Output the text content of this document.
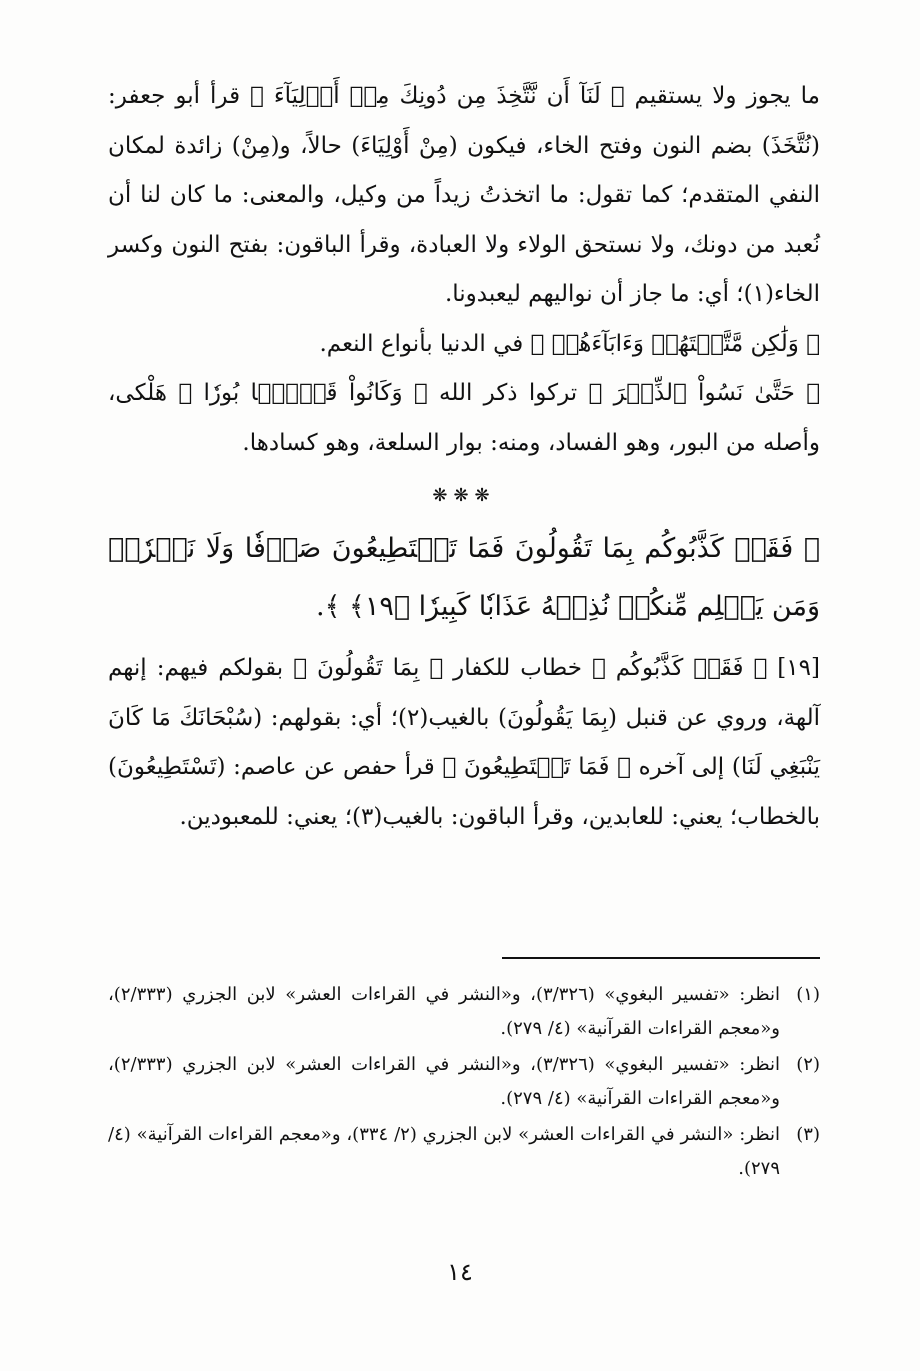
ما يجوز ولا يستقيم ﴿ لَنَآ أَن نَّتَّخِذَ مِن دُونِكَ مِنۡ أَوۡلِيَآءَ ﴾ قرأ أبو جعفر: (نُتَّخَذَ) بضم النون وفتح الخاء، فيكون (مِنْ أَوْلِيَاءَ) حالاً، و(مِنْ) زائدة لمكان النفي المتقدم؛ كما تقول: ما اتخذتُ زيداً من وكيل، والمعنى: ما كان لنا أن نُعبد من دونك، ولا نستحق الولاء ولا العبادة، وقرأ الباقون: بفتح النون وكسر الخاء(١)؛ أي: ما جاز أن نواليهم ليعبدونا.

﴿ وَلَٰكِن مَّتَّعۡتَهُمۡ وَءَابَآءَهُمۡ ﴾ في الدنيا بأنواع النعم.

﴿ حَتَّىٰ نَسُواْ ٱلذِّكۡرَ ﴾ تركوا ذكر الله ﴿ وَكَانُواْ قَوۡمَۢا بُورٗا ﴾ هَلْكى، وأصله من البور، وهو الفساد، ومنه: بوار السلعة، وهو كسادها.

❋❋❋

﴿ فَقَدۡ كَذَّبُوكُم بِمَا تَقُولُونَ فَمَا تَسۡتَطِيعُونَ صَرۡفٗا وَلَا نَصۡرٗاۚ وَمَن يَظۡلِم مِّنكُمۡ نُذِقۡهُ عَذَابٗا كَبِيرٗا ﴿١٩﴾ ﴾.

[١٩] ﴿ فَقَدۡ كَذَّبُوكُم ﴾ خطاب للكفار ﴿ بِمَا تَقُولُونَ ﴾ بقولكم فيهم: إنهم آلهة، وروي عن قنبل (بِمَا يَقُولُونَ) بالغيب(٢)؛ أي: بقولهم: (سُبْحَانَكَ مَا كَانَ يَنْبَغِي لَنَا) إلى آخره ﴿ فَمَا تَسۡتَطِيعُونَ ﴾ قرأ حفص عن عاصم: (تَسْتَطِيعُونَ) بالخطاب؛ يعني: للعابدين، وقرأ الباقون: بالغيب(٣)؛ يعني: للمعبودين.

(١)
انظر: «تفسير البغوي» (٣/٣٢٦)، و«النشر في القراءات العشر» لابن الجزري (٢/٣٣٣)، و«معجم القراءات القرآنية» (٤/ ٢٧٩).
(٢)
انظر: «تفسير البغوي» (٣/٣٢٦)، و«النشر في القراءات العشر» لابن الجزري (٢/٣٣٣)، و«معجم القراءات القرآنية» (٤/ ٢٧٩).
(٣)
انظر: «النشر في القراءات العشر» لابن الجزري (٢/ ٣٣٤)، و«معجم القراءات القرآنية» (٤/ ٢٧٩).
١٤
